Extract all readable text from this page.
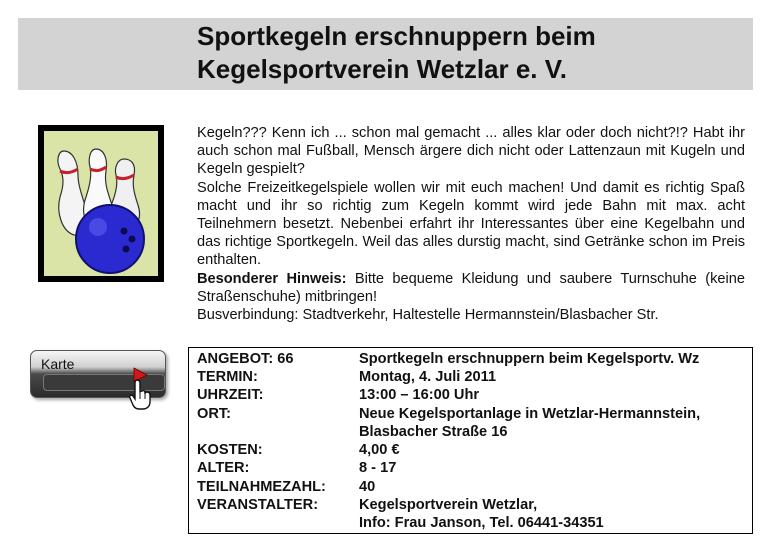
Sportkegeln erschnuppern beim
Kegelsportverein Wetzlar e. V.

Kegeln??? Kenn ich ... schon mal gemacht ... alles klar oder doch nicht?!? Habt ihr auch schon mal Fußball, Mensch ärgere dich nicht oder Lattenzaun mit Kugeln und Kegeln gespielt?

Solche Freizeitkegelspiele wollen wir mit euch machen! Und damit es richtig Spaß macht und ihr so richtig zum Kegeln kommt wird jede Bahn mit max. acht Teilnehmern besetzt. Nebenbei erfahrt ihr Interessantes über eine Kegelbahn und das richtige Sportkegeln. Weil das alles durstig macht, sind Getränke schon im Preis enthalten.

Besonderer Hinweis: Bitte bequeme Kleidung und saubere Turnschuhe (keine Straßenschuhe) mitbringen!

Busverbindung: Stadtverkehr, Haltestelle Hermannstein/Blasbacher Str.

Karte	ANGEBOT: 66	Sportkegeln erschnuppern beim Kegelsportv. Wz
TERMIN:	Montag, 4. Juli 2011
UHRZEIT:	13:00 – 16:00 Uhr
ORT:	Neue Kegelsportanlage in Wetzlar-Hermannstein,
Blasbacher Straße 16
KOSTEN:	4,00 €
ALTER:	8 - 17
TEILNAHMEZAHL: 40
VERANSTALTER:	Kegelsportverein Wetzlar,
Info: Frau Janson, Tel. 06441-34351
